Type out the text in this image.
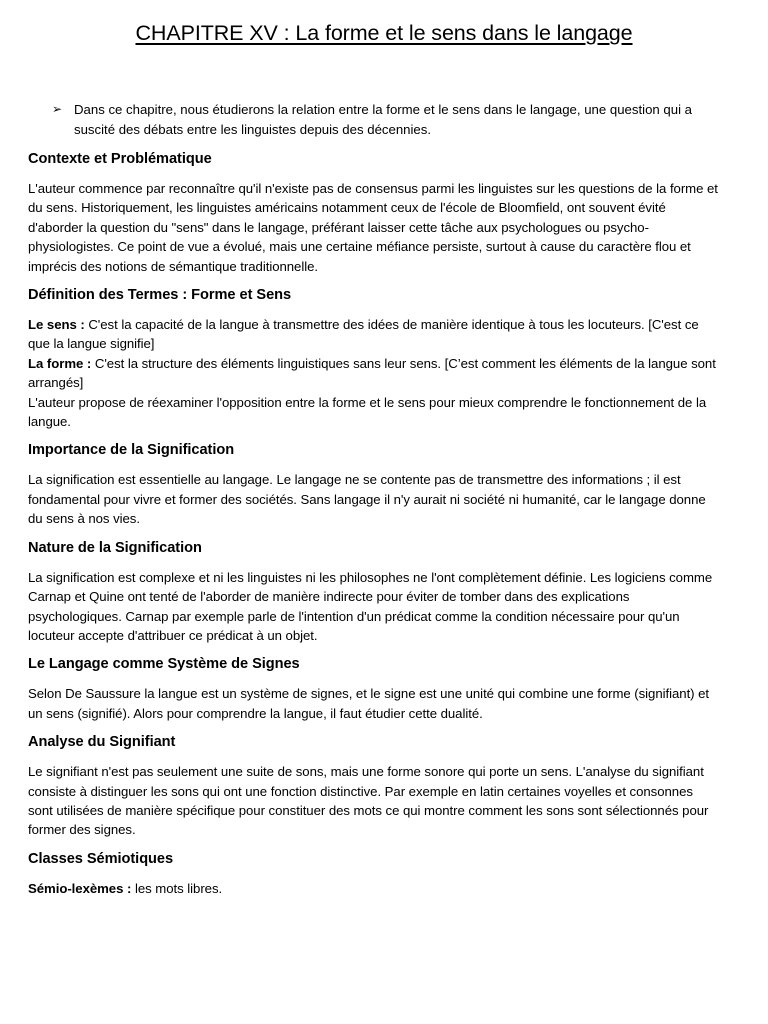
CHAPITRE XV : La forme et le sens dans le langage
➢ Dans ce chapitre, nous étudierons la relation entre la forme et le sens dans le langage, une question qui a suscité des débats entre les linguistes depuis des décennies.
Contexte et Problématique

L'auteur commence par reconnaître qu'il n'existe pas de consensus parmi les linguistes sur les questions de la forme et du sens. Historiquement, les linguistes américains notamment ceux de l'école de Bloomfield, ont souvent évité d'aborder la question du "sens" dans le langage, préférant laisser cette tâche aux psychologues ou psycho-physiologistes. Ce point de vue a évolué, mais une certaine méfiance persiste, surtout à cause du caractère flou et imprécis des notions de sémantique traditionnelle.

Définition des Termes : Forme et Sens

Le sens : C'est la capacité de la langue à transmettre des idées de manière identique à tous les locuteurs. [C'est ce que la langue signifie]

La forme : C'est la structure des éléments linguistiques sans leur sens. [C’est comment les éléments de la langue sont arrangés]

L'auteur propose de réexaminer l'opposition entre la forme et le sens pour mieux comprendre le fonctionnement de la langue.

Importance de la Signification

La signification est essentielle au langage. Le langage ne se contente pas de transmettre des informations ; il est fondamental pour vivre et former des sociétés. Sans langage il n'y aurait ni société ni humanité, car le langage donne du sens à nos vies.

Nature de la Signification

La signification est complexe et ni les linguistes ni les philosophes ne l'ont complètement définie. Les logiciens comme Carnap et Quine ont tenté de l'aborder de manière indirecte pour éviter de tomber dans des explications psychologiques. Carnap par exemple parle de l'intention d'un prédicat comme la condition nécessaire pour qu'un locuteur accepte d'attribuer ce prédicat à un objet.

Le Langage comme Système de Signes

Selon De Saussure la langue est un système de signes, et le signe est une unité qui combine une forme (signifiant) et un sens (signifié). Alors pour comprendre la langue, il faut étudier cette dualité.

Analyse du Signifiant

Le signifiant n'est pas seulement une suite de sons, mais une forme sonore qui porte un sens. L'analyse du signifiant consiste à distinguer les sons qui ont une fonction distinctive. Par exemple en latin certaines voyelles et consonnes sont utilisées de manière spécifique pour constituer des mots ce qui montre comment les sons sont sélectionnés pour former des signes.

Classes Sémiotiques

Sémio-lexèmes : les mots libres.
